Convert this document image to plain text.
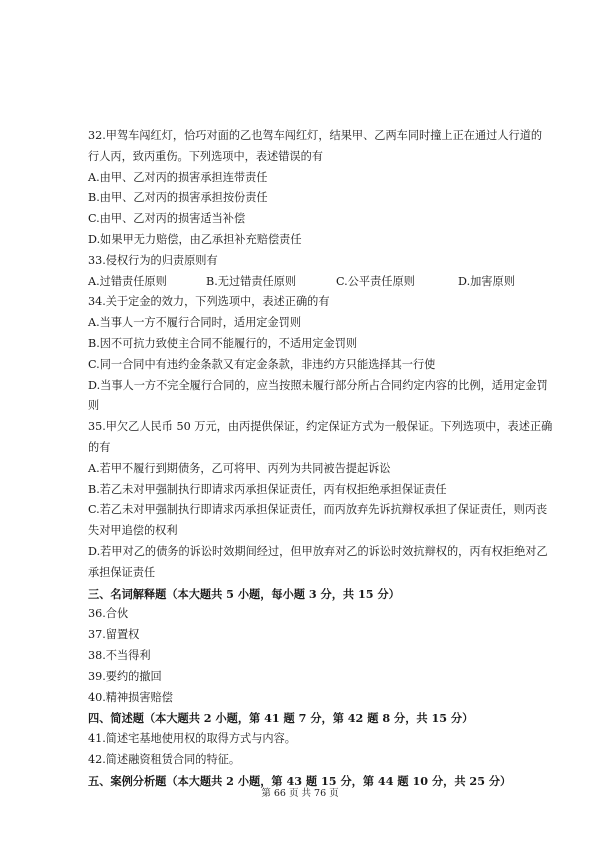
32.甲驾车闯红灯，恰巧对面的乙也驾车闯红灯，结果甲、乙两车同时撞上正在通过人行道的
行人丙，致丙重伤。下列选项中，表述错误的有
A.由甲、乙对丙的损害承担连带责任
B.由甲、乙对丙的损害承担按份责任
C.由甲、乙对丙的损害适当补偿
D.如果甲无力赔偿，由乙承担补充赔偿责任
33.侵权行为的归责原则有
A.过错责任原则	B.无过错责任原则	C.公平责任原则	D.加害原则
34.关于定金的效力，下列选项中，表述正确的有
A.当事人一方不履行合同时，适用定金罚则
B.因不可抗力致使主合同不能履行的，不适用定金罚则
C.同一合同中有违约金条款又有定金条款，非违约方只能选择其一行使
D.当事人一方不完全履行合同的，应当按照未履行部分所占合同约定内容的比例，适用定金罚
则
35.甲欠乙人民币 50 万元，由丙提供保证，约定保证方式为一般保证。下列选项中，表述正确
的有
A.若甲不履行到期债务，乙可将甲、丙列为共同被告提起诉讼
B.若乙未对甲强制执行即请求丙承担保证责任，丙有权拒绝承担保证责任
C.若乙未对甲强制执行即请求丙承担保证责任，而丙放弃先诉抗辩权承担了保证责任，则丙丧
失对甲追偿的权利
D.若甲对乙的债务的诉讼时效期间经过，但甲放弃对乙的诉讼时效抗辩权的，丙有权拒绝对乙
承担保证责任
三、名词解释题（本大题共 5 小题，每小题 3 分，共 15 分）
36.合伙
37.留置权
38.不当得利
39.要约的撤回
40.精神损害赔偿
四、简述题（本大题共 2 小题，第 41 题 7 分，第 42 题 8 分，共 15 分）
41.简述宅基地使用权的取得方式与内容。
42.简述融资租赁合同的特征。
五、案例分析题（本大题共 2 小题，第 43 题 15 分，第 44 题 10 分，共 25 分）
第 66 页 共 76 页
